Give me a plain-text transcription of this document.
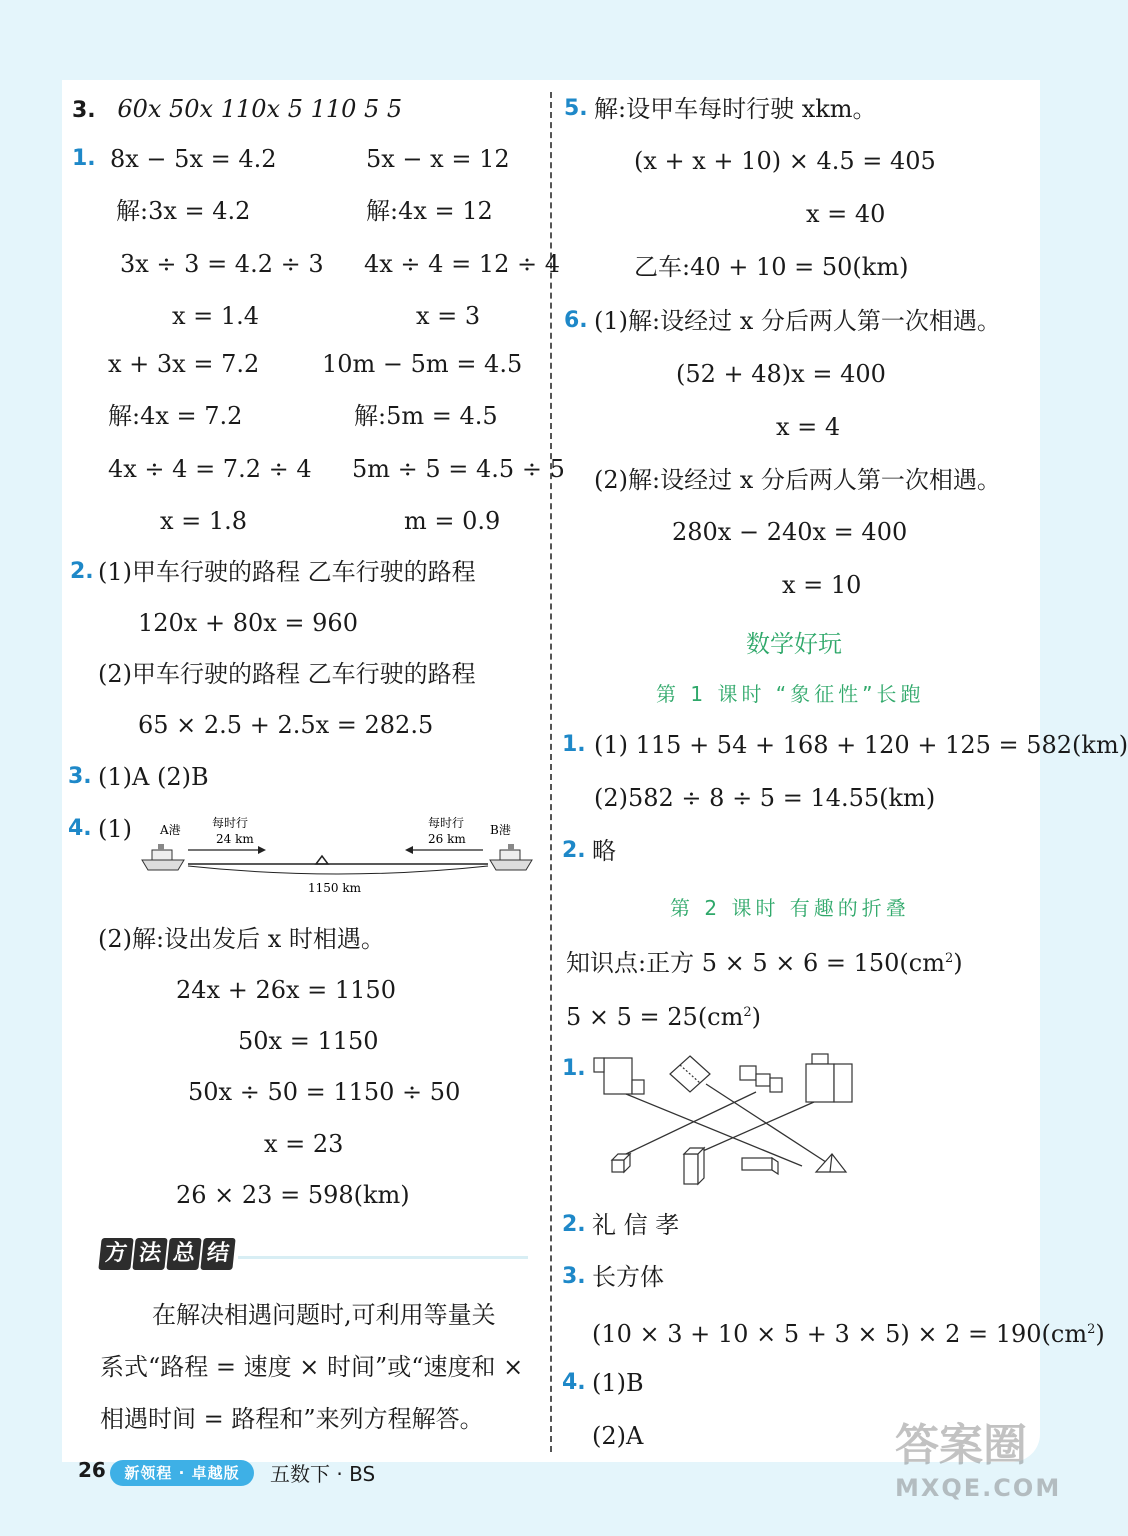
3. 60x 50x 110x 5 110 5 5
1. 8x − 5x = 4.2	5x − x = 12
解:3x = 4.2	解:4x = 12
3x ÷ 3 = 4.2 ÷ 3 4x ÷ 4 = 12 ÷ 4
x = 1.4	x = 3
x + 3x = 7.2	10m − 5m = 4.5
解:4x = 7.2	解:5m = 4.5
4x ÷ 4 = 7.2 ÷ 4 5m ÷ 5 = 4.5 ÷ 5
x = 1.8	m = 0.9
2. (1)甲车行驶的路程 乙车行驶的路程
120x + 80x = 960
(2)甲车行驶的路程 乙车行驶的路程
65 × 2.5 + 2.5x = 282.5
3. (1)A (2)B
4. (1) A港	B港
每时行
24 km
每时行
26 km
1150 km
(2)解:设出发后 x 时相遇。
24x + 26x = 1150
50x = 1150
50x ÷ 50 = 1150 ÷ 50
x = 23
26 × 23 = 598(km)
方 法 总 结
在解决相遇问题时,可利用等量关
系式“路程 = 速度 × 时间”或“速度和 ×
相遇时间 = 路程和”来列方程解答。
5. 解:设甲车每时行驶 xkm。
(x + x + 10) × 4.5 = 405
x = 40
乙车:40 + 10 = 50(km)
6. (1)解:设经过 x 分后两人第一次相遇。
(52 + 48)x = 400
x = 4
(2)解:设经过 x 分后两人第一次相遇。
280x − 240x = 400
x = 10
数学好玩
第 1 课时 “象征性”长跑
1. (1) 115 + 54 + 168 + 120 + 125 = 582(km)
(2)582 ÷ 8 ÷ 5 = 14.55(km)
2. 略
第 2 课时 有趣的折叠
知识点:正方 $5 \times 5 \times 6 = 150(cm^2)$
$5 \times 5 = 25(cm^2)$
1.
2. 礼 信 孝
3. 长方体
$(10 \times 3 + 10 \times 5 + 3 \times 5) \times 2 = 190(cm^2)$
4. (1)B
(2)A
26	新领程 · 卓越版	五数下 · BS
答案圈
MXQE.COM
